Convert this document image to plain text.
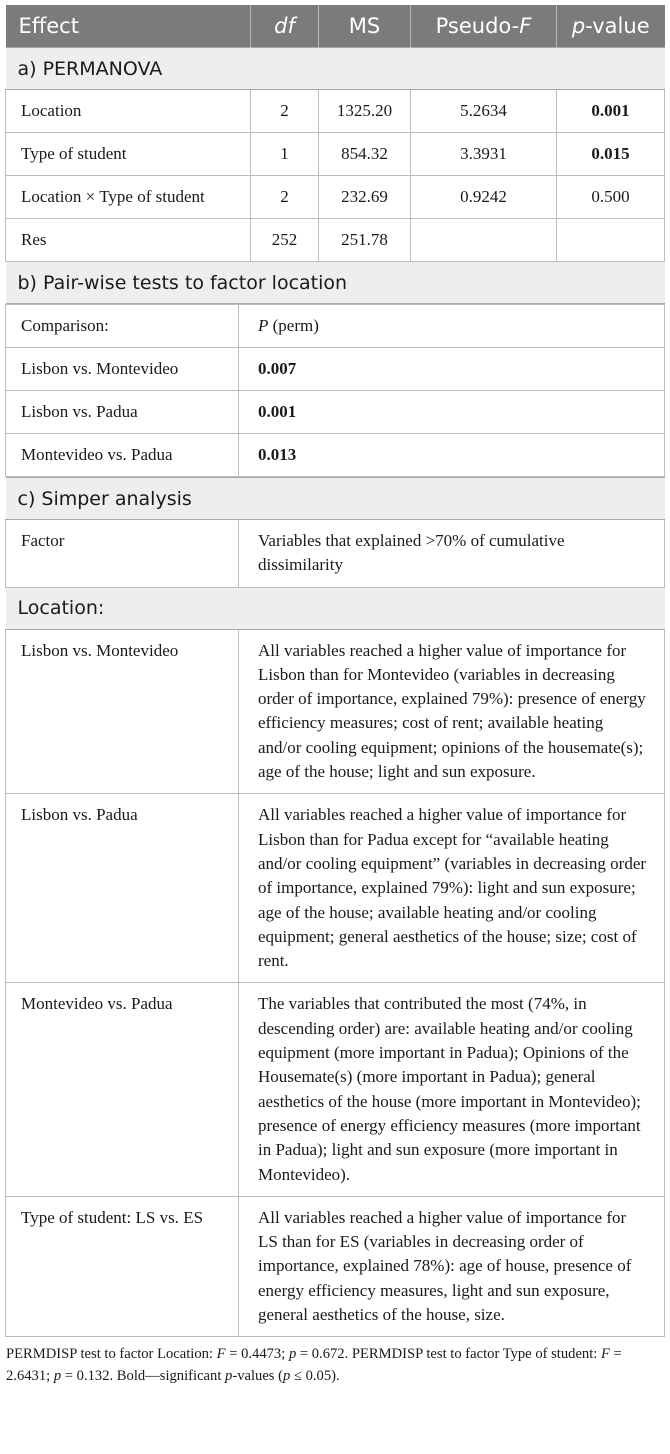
Effect	df	MS	Pseudo-F	p-value
a) PERMANOVA				
Location	2	1325.20	5.2634	0.001
Type of student	1	854.32	3.3931	0.015
Location × Type of student	2	232.69	0.9242	0.500
Res	252	251.78		
b) Pair-wise tests to factor location				
Comparison:	P (perm)
Lisbon vs. Montevideo	0.007
Lisbon vs. Padua	0.001
Montevideo vs. Padua	0.013
c) Simper analysis	
Factor	Variables that explained >70% of cumulative dissimilarity
Location:	
Lisbon vs. Montevideo	All variables reached a higher value of importance for Lisbon than for Montevideo (variables in decreasing order of importance, explained 79%): presence of energy efficiency measures; cost of rent; available heating and/or cooling equipment; opinions of the housemate(s); age of the house; light and sun exposure.
Lisbon vs. Padua	All variables reached a higher value of importance for Lisbon than for Padua except for “available heating and/or cooling equipment” (variables in decreasing order of importance, explained 79%): light and sun exposure; age of the house; available heating and/or cooling equipment; general aesthetics of the house; size; cost of rent.
Montevideo vs. Padua	The variables that contributed the most (74%, in descending order) are: available heating and/or cooling equipment (more important in Padua); Opinions of the Housemate(s) (more important in Padua); general aesthetics of the house (more important in Montevideo); presence of energy efficiency measures (more important in Padua); light and sun exposure (more important in Montevideo).
Type of student: LS vs. ES	All variables reached a higher value of importance for LS than for ES (variables in decreasing order of importance, explained 78%): age of house, presence of energy efficiency measures, light and sun exposure, general aesthetics of the house, size.
PERMDISP test to factor Location: F = 0.4473; p = 0.672. PERMDISP test to factor Type of student: F = 2.6431; p = 0.132. Bold—significant p-values (p ≤ 0.05).
